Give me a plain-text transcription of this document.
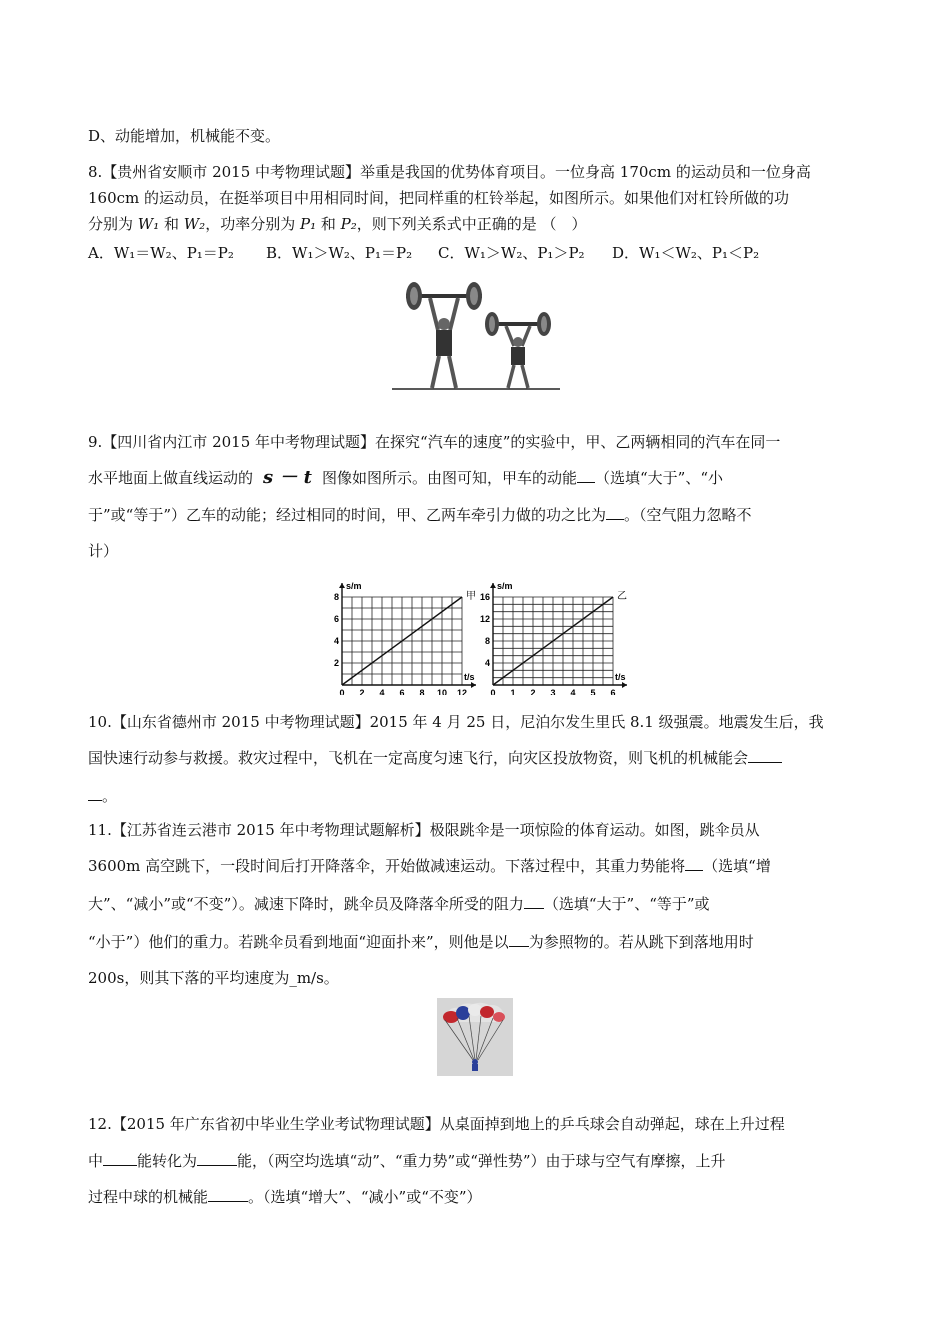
D、动能增加，机械能不变。
8.【贵州省安顺市 2015 中考物理试题】举重是我国的优势体育项目。一位身高 170cm 的运动员和一位身高
160cm 的运动员，在挺举项目中用相同时间，把同样重的杠铃举起，如图所示。如果他们对杠铃所做的功
分别为 W₁ 和 W₂，功率分别为 P₁ 和 P₂，则下列关系式中正确的是 （　）
A．W₁＝W₂、P₁＝P₂ B．W₁＞W₂、P₁＝P₂ C．W₁＞W₂、P₁＞P₂ D．W₁＜W₂、P₁＜P₂
9.【四川省内江市 2015 年中考物理试题】在探究“汽车的速度”的实验中，甲、乙两辆相同的汽车在同一
水平地面上做直线运动的 s － t 图像如图所示。由图可知，甲车的动能 （选填“大于”、“小
于”或“等于”）乙车的动能；经过相同的时间，甲、乙两车牵引力做的功之比为 。（空气阻力忽略不
计）
0 2 4 6 8 10 12
2
4
6
8
s/m
t/s
甲
0 1 2 3 4 5 6
4
8
12
16
s/m
t/s
乙
10.【山东省德州市 2015 中考物理试题】2015 年 4 月 25 日，尼泊尔发生里氏 8.1 级强震。地震发生后，我
国快速行动参与救援。救灾过程中，飞机在一定高度匀速飞行，向灾区投放物资，则飞机的机械能会
。
11.【江苏省连云港市 2015 年中考物理试题解析】极限跳伞是一项惊险的体育运动。如图，跳伞员从
3600m 高空跳下，一段时间后打开降落伞，开始做减速运动。下落过程中，其重力势能将 （选填“增
大”、“减小”或“不变”）。减速下降时，跳伞员及降落伞所受的阻力 （选填“大于”、“等于”或
“小于”）他们的重力。若跳伞员看到地面“迎面扑来”，则他是以 为参照物的。若从跳下到落地用时
200s，则其下落的平均速度为_m/s。
12.【2015 年广东省初中毕业生学业考试物理试题】从桌面掉到地上的乒乓球会自动弹起，球在上升过程
中 能转化为	能，（两空均选填“动”、“重力势”或“弹性势”）由于球与空气有摩擦，上升
过程中球的机械能	。（选填“增大”、“减小”或“不变”）
